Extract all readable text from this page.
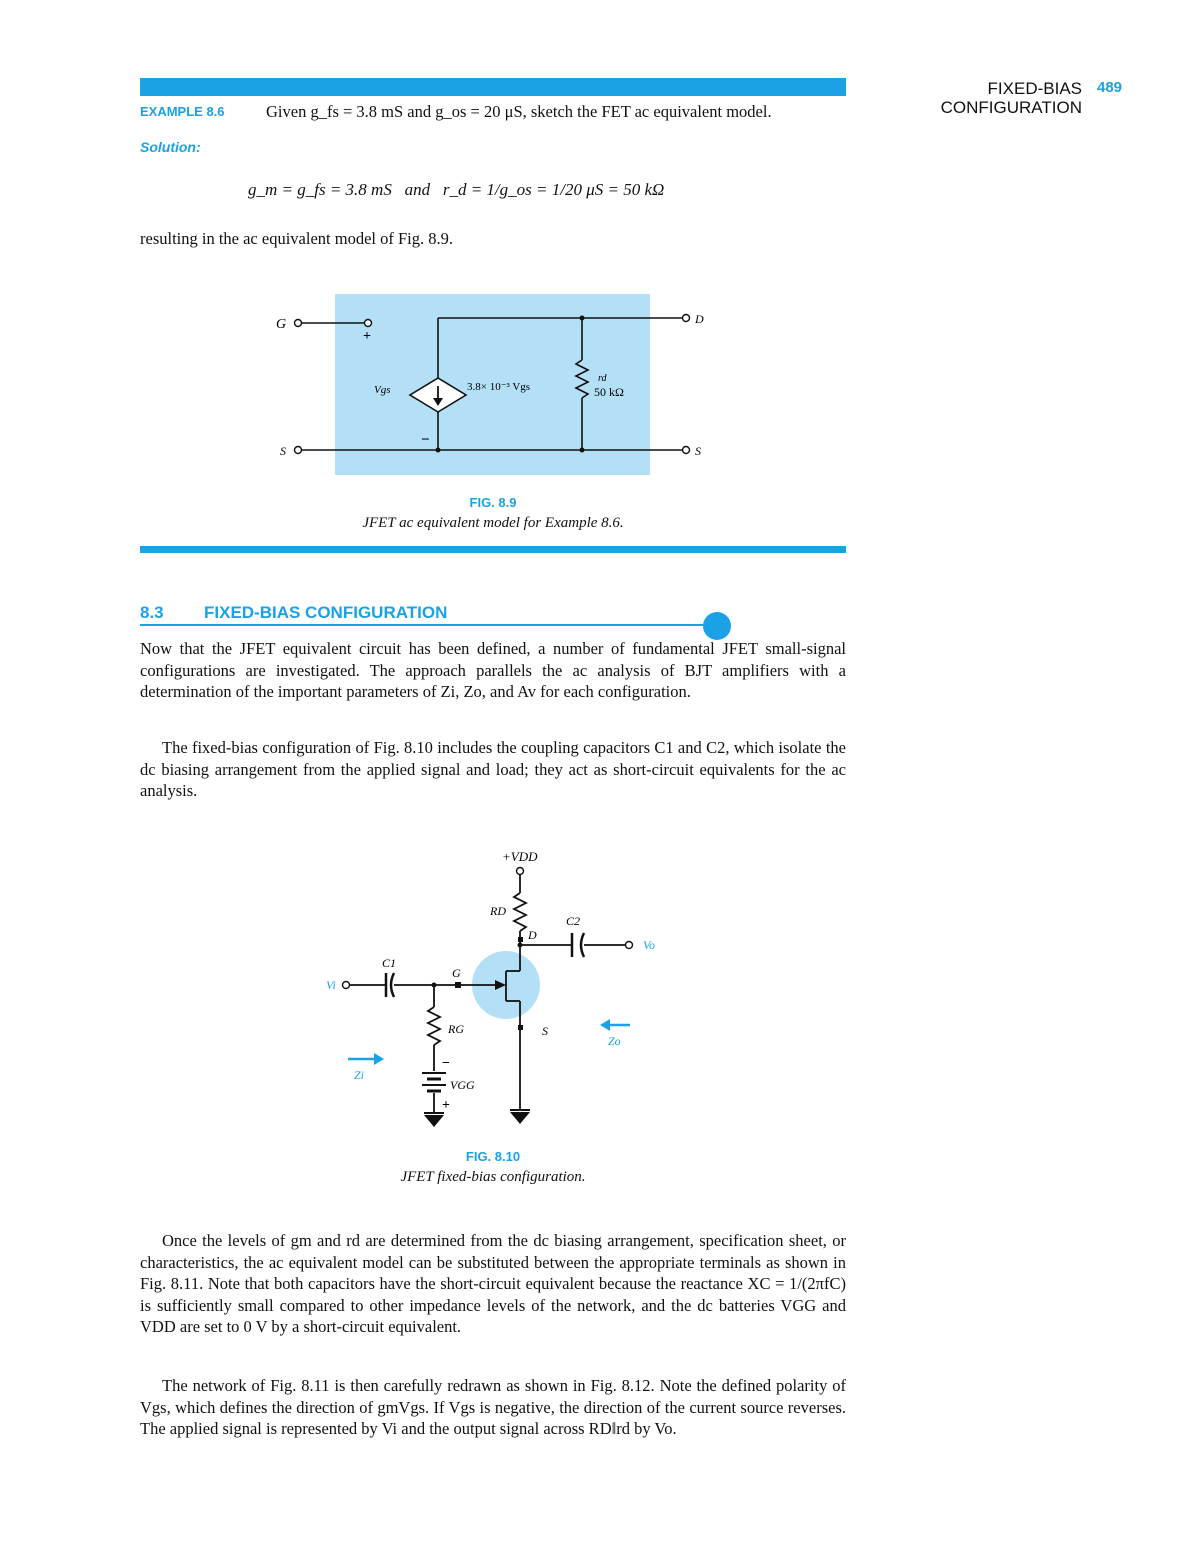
FIXED-BIAS
CONFIGURATION
489
EXAMPLE 8.6	Given g_fs = 3.8 mS and g_os = 20 μS, sketch the FET ac equivalent model.
Solution:
g_m = g_fs = 3.8 mS   and   r_d = 1/g_os = 1/20 μS = 50 kΩ
resulting in the ac equivalent model of Fig. 8.9.
G
S
D
S
+
−
Vgs	3.8× 10⁻³ Vgs
rd
50 kΩ
FIG. 8.9
JFET ac equivalent model for Example 8.6.
8.3 FIXED-BIAS CONFIGURATION

Now that the JFET equivalent circuit has been defined, a number of fundamental JFET small-signal configurations are investigated. The approach parallels the ac analysis of BJT amplifiers with a determination of the important parameters of Zi, Zo, and Av for each configuration.

The fixed-bias configuration of Fig. 8.10 includes the coupling capacitors C1 and C2, which isolate the dc biasing arrangement from the applied signal and load; they act as short-circuit equivalents for the ac analysis.

+VDD
RD
D
C2
Vo
C1
Vi
G
RG	S
Zi
Zo
VGG
−
+
FIG. 8.10
JFET fixed-bias configuration.

Once the levels of gm and rd are determined from the dc biasing arrangement, specification sheet, or characteristics, the ac equivalent model can be substituted between the appropriate terminals as shown in Fig. 8.11. Note that both capacitors have the short-circuit equivalent because the reactance XC = 1/(2πfC) is sufficiently small compared to other impedance levels of the network, and the dc batteries VGG and VDD are set to 0 V by a short-circuit equivalent.

The network of Fig. 8.11 is then carefully redrawn as shown in Fig. 8.12. Note the defined polarity of Vgs, which defines the direction of gmVgs. If Vgs is negative, the direction of the current source reverses. The applied signal is represented by Vi and the output signal across RD‖rd by Vo.
